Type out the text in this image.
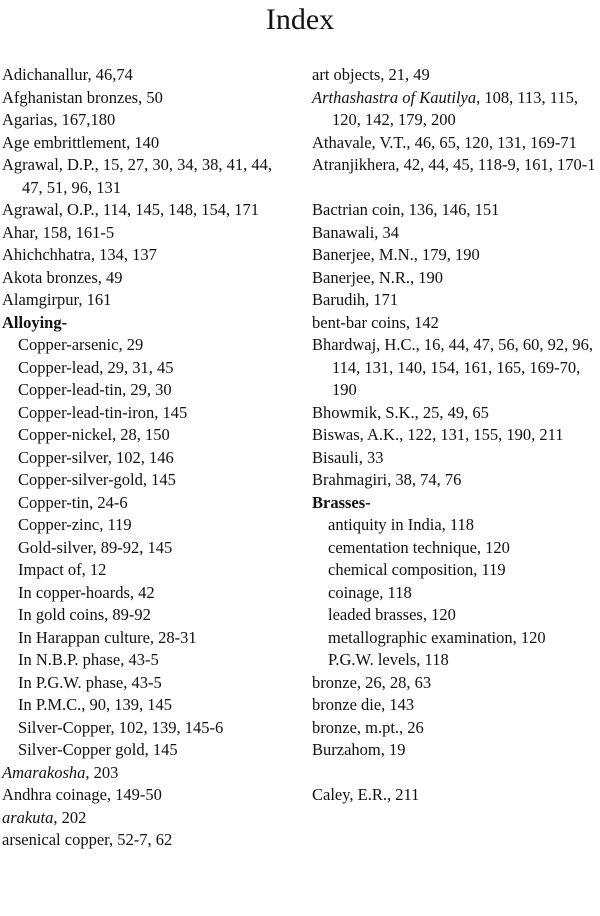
Index
Adichanallur, 46,74
Afghanistan bronzes, 50
Agarias, 167,180
Age embrittlement, 140
Agrawal, D.P., 15, 27, 30, 34, 38, 41, 44, 47, 51, 96, 131
Agrawal, O.P., 114, 145, 148, 154, 171
Ahar, 158, 161-5
Ahichchhatra, 134, 137
Akota bronzes, 49
Alamgirpur, 161
Alloying-
Copper-arsenic, 29
Copper-lead, 29, 31, 45
Copper-lead-tin, 29, 30
Copper-lead-tin-iron, 145
Copper-nickel, 28, 150
Copper-silver, 102, 146
Copper-silver-gold, 145
Copper-tin, 24-6
Copper-zinc, 119
Gold-silver, 89-92, 145
Impact of, 12
In copper-hoards, 42
In gold coins, 89-92
In Harappan culture, 28-31
In N.B.P. phase, 43-5
In P.G.W. phase, 43-5
In P.M.C., 90, 139, 145
Silver-Copper, 102, 139, 145-6
Silver-Copper gold, 145
Amarakosha, 203
Andhra coinage, 149-50
arakuta, 202
arsenical copper, 52-7, 62
art objects, 21, 49
Arthashastra of Kautilya, 108, 113, 115, 120, 142, 179, 200
Athavale, V.T., 46, 65, 120, 131, 169-71
Atranjikhera, 42, 44, 45, 118-9, 161, 170-1
Bactrian coin, 136, 146, 151
Banawali, 34
Banerjee, M.N., 179, 190
Banerjee, N.R., 190
Barudih, 171
bent-bar coins, 142
Bhardwaj, H.C., 16, 44, 47, 56, 60, 92, 96, 114, 131, 140, 154, 161, 165, 169-70, 190
Bhowmik, S.K., 25, 49, 65
Biswas, A.K., 122, 131, 155, 190, 211
Bisauli, 33
Brahmagiri, 38, 74, 76
Brasses-
antiquity in India, 118
cementation technique, 120
chemical composition, 119
coinage, 118
leaded brasses, 120
metallographic examination, 120
P.G.W. levels, 118
bronze, 26, 28, 63
bronze die, 143
bronze, m.pt., 26
Burzahom, 19
Caley, E.R., 211
